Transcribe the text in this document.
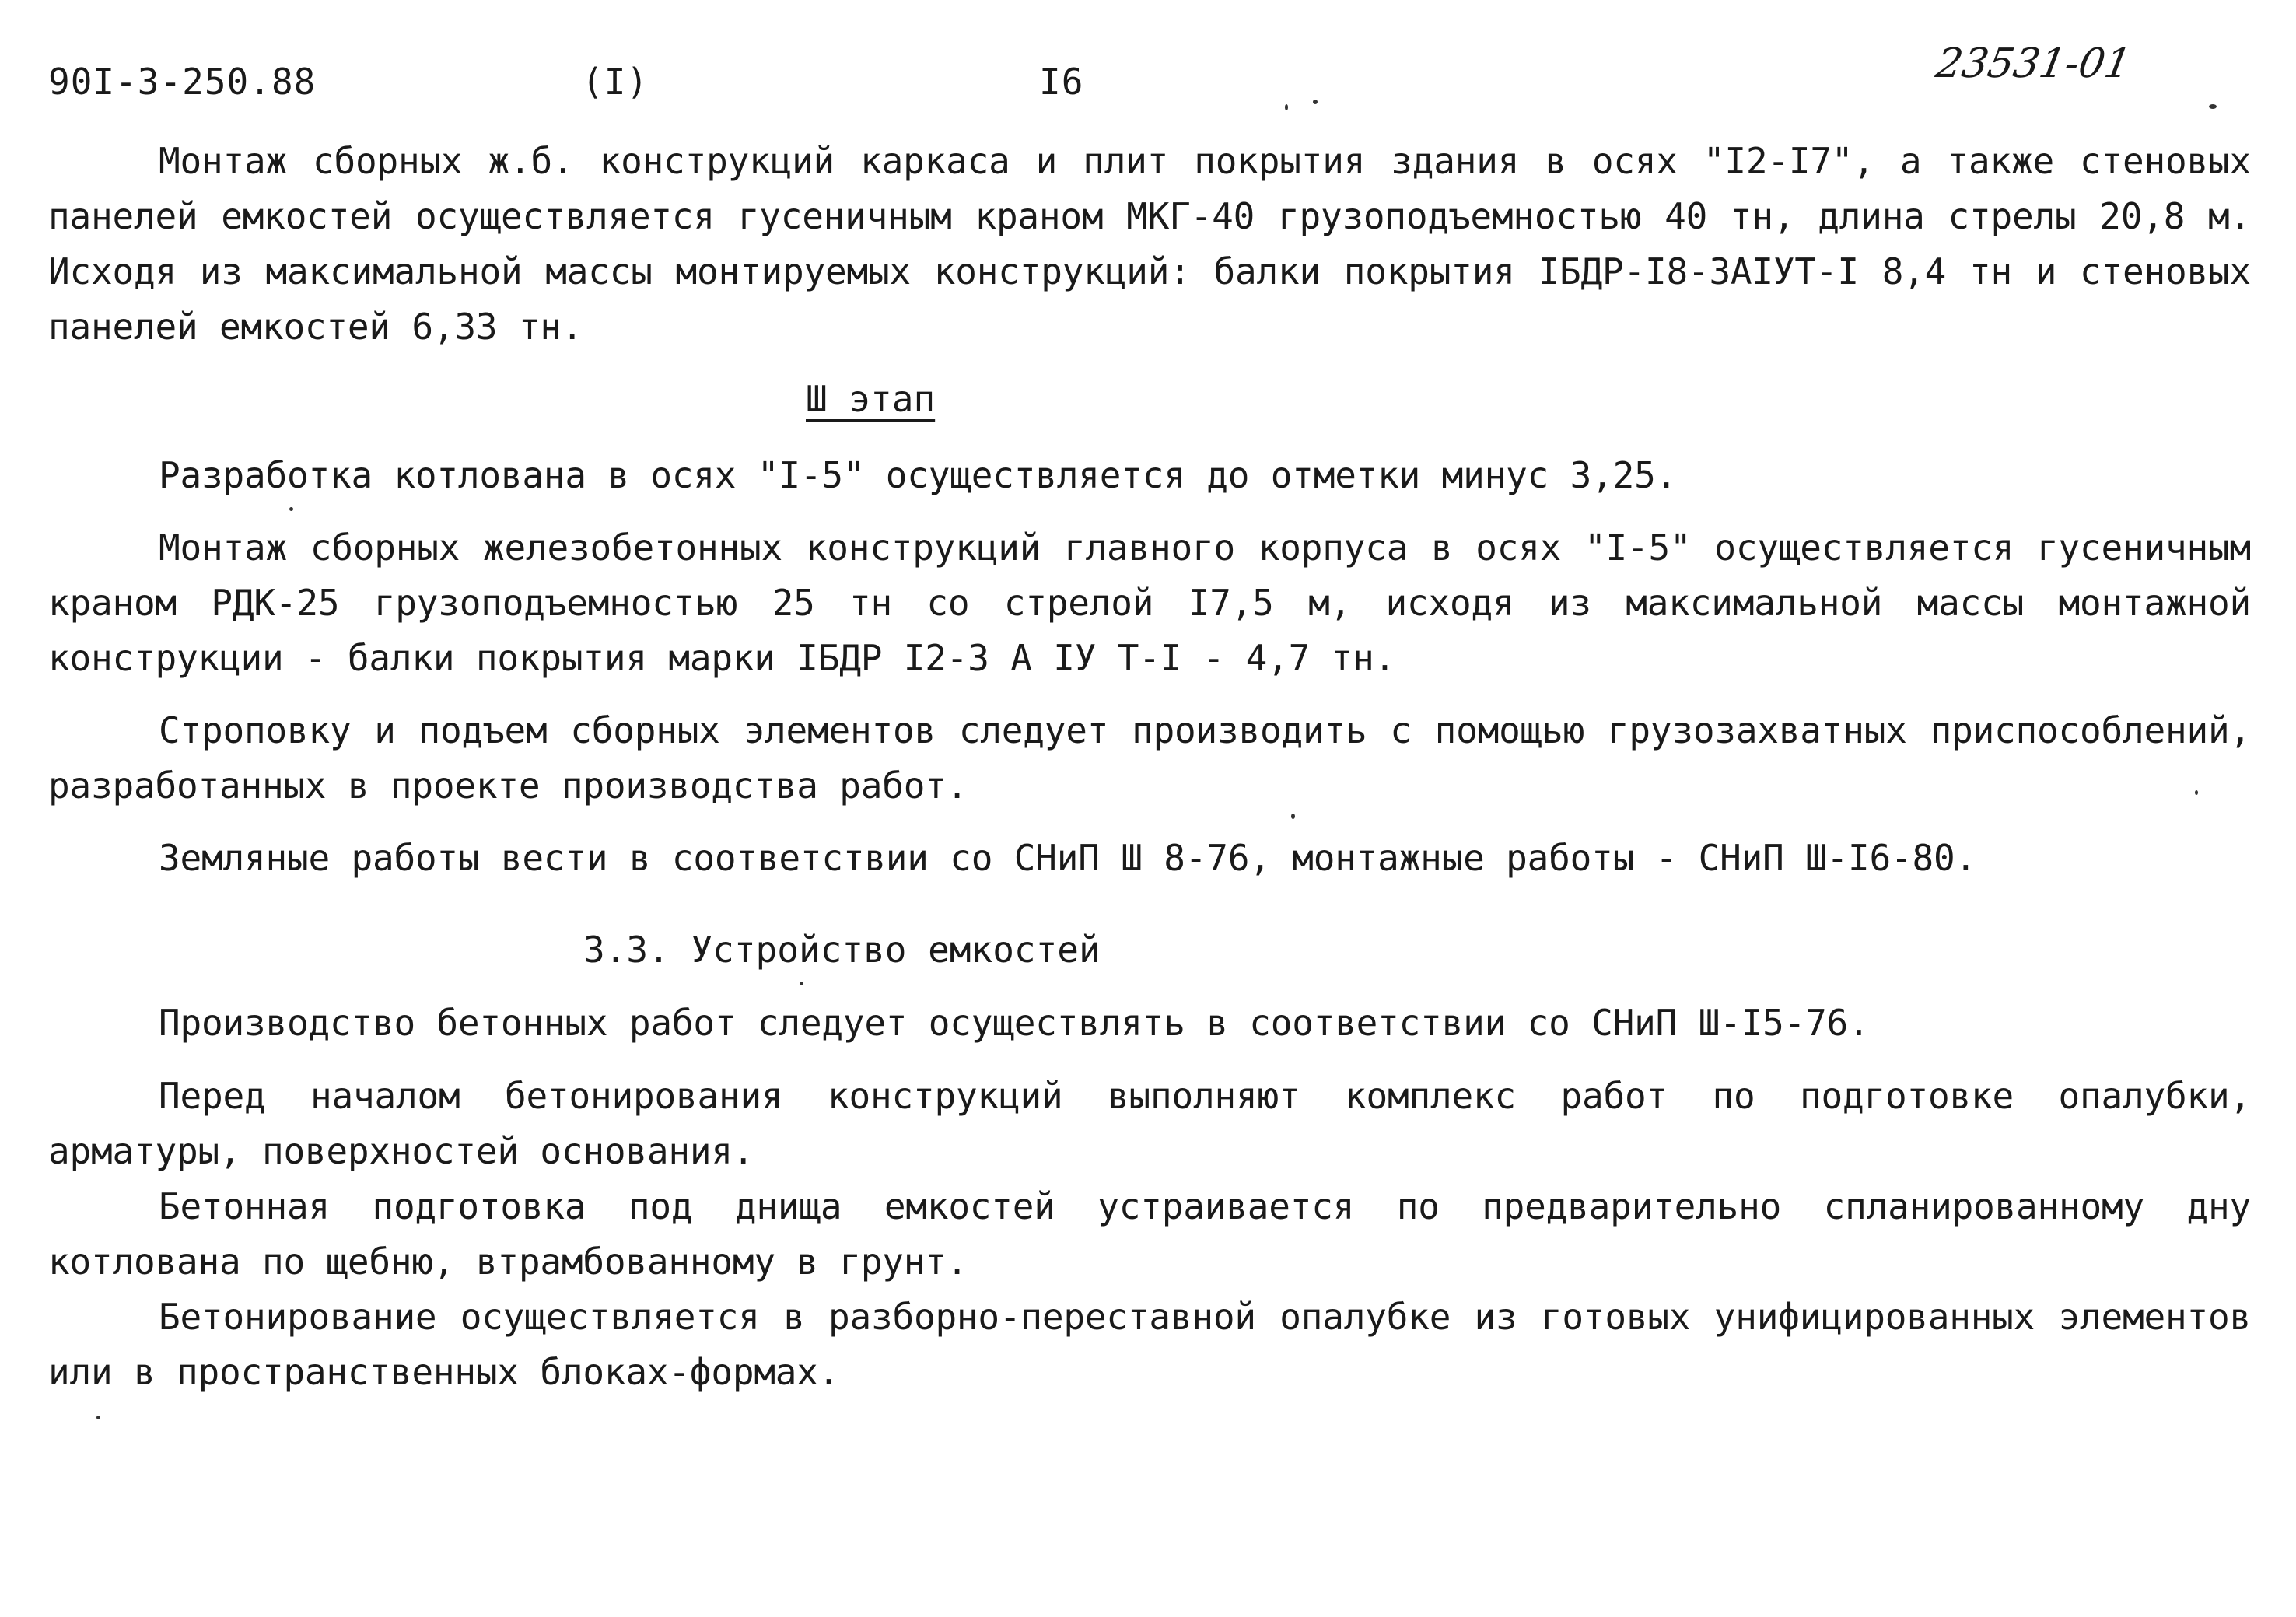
90I-3-250.88	(I)	I6	23531-01
Монтаж сборных ж.б. конструкций каркаса и плит покрытия здания в осях "I2-I7", а также стеновых панелей емкостей осуществляется гусеничным краном МКГ-40 грузоподъемностью 40 тн, длина стрелы 20,8 м. Исходя из максимальной массы монтируемых конструкций: балки покрытия IБДР-I8-3АIУТ-I 8,4 тн и стеновых панелей емкостей 6,33 тн.
Ш этап
Разработка котлована в осях "I-5" осуществляется до отметки минус 3,25.
Монтаж сборных железобетонных конструкций главного корпуса в осях "I-5" осуществляется гусеничным краном РДК-25 грузоподъемностью 25 тн со стрелой I7,5 м, исходя из максимальной массы монтажной конструкции - балки покрытия марки IБДР I2-3 А IУ Т-I - 4,7 тн.
Строповку и подъем сборных элементов следует производить с помощью грузозахватных приспособлений, разработанных в проекте производства работ.
Земляные работы вести в соответствии со СНиП Ш 8-76, монтажные работы - СНиП Ш-I6-80.
3.3. Устройство емкостей
Производство бетонных работ следует осуществлять в соответствии со СНиП Ш-I5-76.
Перед началом бетонирования конструкций выполняют комплекс работ по подготовке опалубки, арматуры, поверхностей основания.
Бетонная подготовка под днища емкостей устраивается по предварительно спланированному дну котлована по щебню, втрамбованному в грунт.
Бетонирование осуществляется в разборно-переставной опалубке из готовых унифицированных элементов или в пространственных блоках-формах.
